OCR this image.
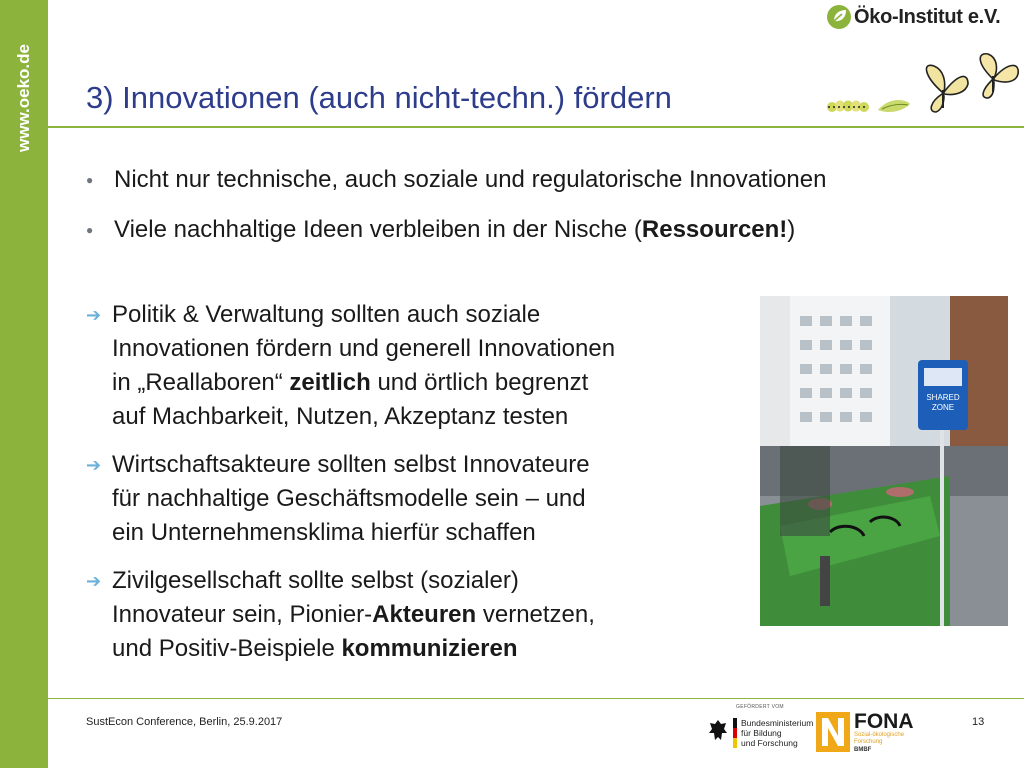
www.oeko.de
Öko-Institut e.V.
3) Innovationen (auch nicht-techn.) fördern
● Nicht nur technische, auch soziale und regulatorische Innovationen
● Viele nachhaltige Ideen verbleiben in der Nische (Ressourcen!)
➔ Politik & Verwaltung sollten auch soziale
Innovationen fördern und generell Innovationen
in „Reallaboren“ zeitlich und örtlich begrenzt
auf Machbarkeit, Nutzen, Akzeptanz testen
➔ Wirtschaftsakteure sollten selbst Innovateure
für nachhaltige Geschäftsmodelle sein – und
ein Unternehmensklima hierfür schaffen
➔ Zivilgesellschaft sollte selbst (sozialer)
Innovateur sein, Pionier-Akteuren vernetzen,
und Positiv-Beispiele kommunizieren
SHARED
ZONE
SustEcon Conference, Berlin, 25.9.2017	13
GEFÖRDERT VOM
Bundesministerium
für Bildung
und Forschung
FONA
Sozial-ökologische
Forschung
BMBF
